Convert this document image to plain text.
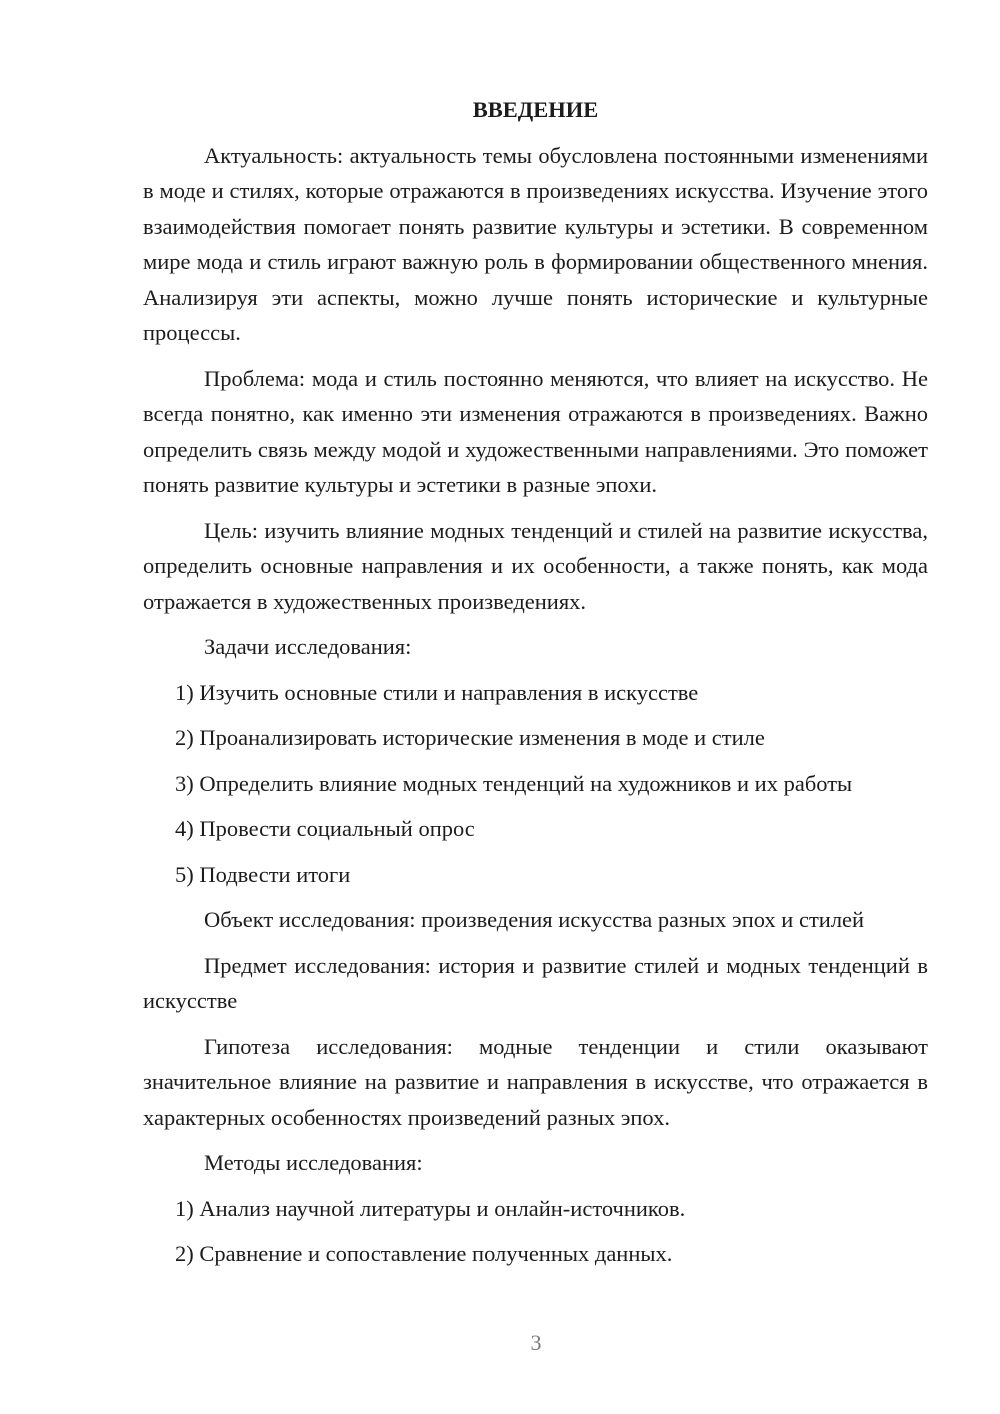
ВВЕДЕНИЕ

Актуальность: актуальность темы обусловлена постоянными изменениями в моде и стилях, которые отражаются в произведениях искусства. Изучение этого взаимодействия помогает понять развитие культуры и эстетики. В современном мире мода и стиль играют важную роль в формировании общественного мнения. Анализируя эти аспекты, можно лучше понять исторические и культурные процессы.

Проблема: мода и стиль постоянно меняются, что влияет на искусство. Не всегда понятно, как именно эти изменения отражаются в произведениях. Важно определить связь между модой и художественными направлениями. Это поможет понять развитие культуры и эстетики в разные эпохи.

Цель: изучить влияние модных тенденций и стилей на развитие искусства, определить основные направления и их особенности, а также понять, как мода отражается в художественных произведениях.

Задачи исследования:
1) Изучить основные стили и направления в искусстве
2) Проанализировать исторические изменения в моде и стиле
3) Определить влияние модных тенденций на художников и их работы
4) Провести социальный опрос
5) Подвести итоги

Объект исследования: произведения искусства разных эпох и стилей

Предмет исследования: история и развитие стилей и модных тенденций в искусстве

Гипотеза исследования: модные тенденции и стили оказывают значительное влияние на развитие и направления в искусстве, что отражается в характерных особенностях произведений разных эпох.

Методы исследования:
1) Анализ научной литературы и онлайн-источников.
2) Сравнение и сопоставление полученных данных.
3
